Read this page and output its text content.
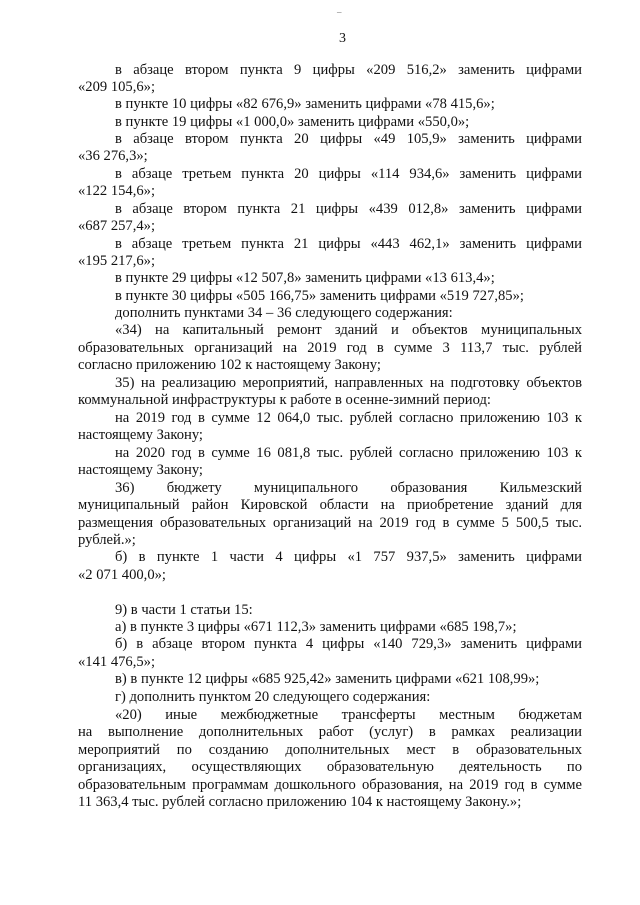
–
3
в абзаце втором пункта 9 цифры «209 516,2» заменить цифрами
«209 105,6»;
в пункте 10 цифры «82 676,9» заменить цифрами «78 415,6»;
в пункте 19 цифры «1 000,0» заменить цифрами «550,0»;
в абзаце втором пункта 20 цифры «49 105,9» заменить цифрами
«36 276,3»;
в абзаце третьем пункта 20 цифры «114 934,6» заменить цифрами
«122 154,6»;
в абзаце втором пункта 21 цифры «439 012,8» заменить цифрами
«687 257,4»;
в абзаце третьем пункта 21 цифры «443 462,1» заменить цифрами
«195 217,6»;
в пункте 29 цифры «12 507,8» заменить цифрами «13 613,4»;
в пункте 30 цифры «505 166,75» заменить цифрами «519 727,85»;
дополнить пунктами 34 – 36 следующего содержания:
«34) на капитальный ремонт зданий и объектов муниципальных
образовательных организаций на 2019 год в сумме 3 113,7 тыс. рублей
согласно приложению 102 к настоящему Закону;
35) на реализацию мероприятий, направленных на подготовку объектов
коммунальной инфраструктуры к работе в осенне-зимний период:
на 2019 год в сумме 12 064,0 тыс. рублей согласно приложению 103 к
настоящему Закону;
на 2020 год в сумме 16 081,8 тыс. рублей согласно приложению 103 к
настоящему Закону;
36) бюджету муниципального образования Кильмезский
муниципальный район Кировской области на приобретение зданий для
размещения образовательных организаций на 2019 год в сумме 5 500,5 тыс.
рублей.»;
б) в пункте 1 части 4 цифры «1 757 937,5» заменить цифрами
«2 071 400,0»;
9) в части 1 статьи 15:
а) в пункте 3 цифры «671 112,3» заменить цифрами «685 198,7»;
б) в абзаце втором пункта 4 цифры «140 729,3» заменить цифрами
«141 476,5»;
в) в пункте 12 цифры «685 925,42» заменить цифрами «621 108,99»;
г) дополнить пунктом 20 следующего содержания:
«20) иные межбюджетные трансферты местным бюджетам
на выполнение дополнительных работ (услуг) в рамках реализации
мероприятий по созданию дополнительных мест в образовательных
организациях, осуществляющих образовательную деятельность по
образовательным программам дошкольного образования, на 2019 год в сумме
11 363,4 тыс. рублей согласно приложению 104 к настоящему Закону.»;
